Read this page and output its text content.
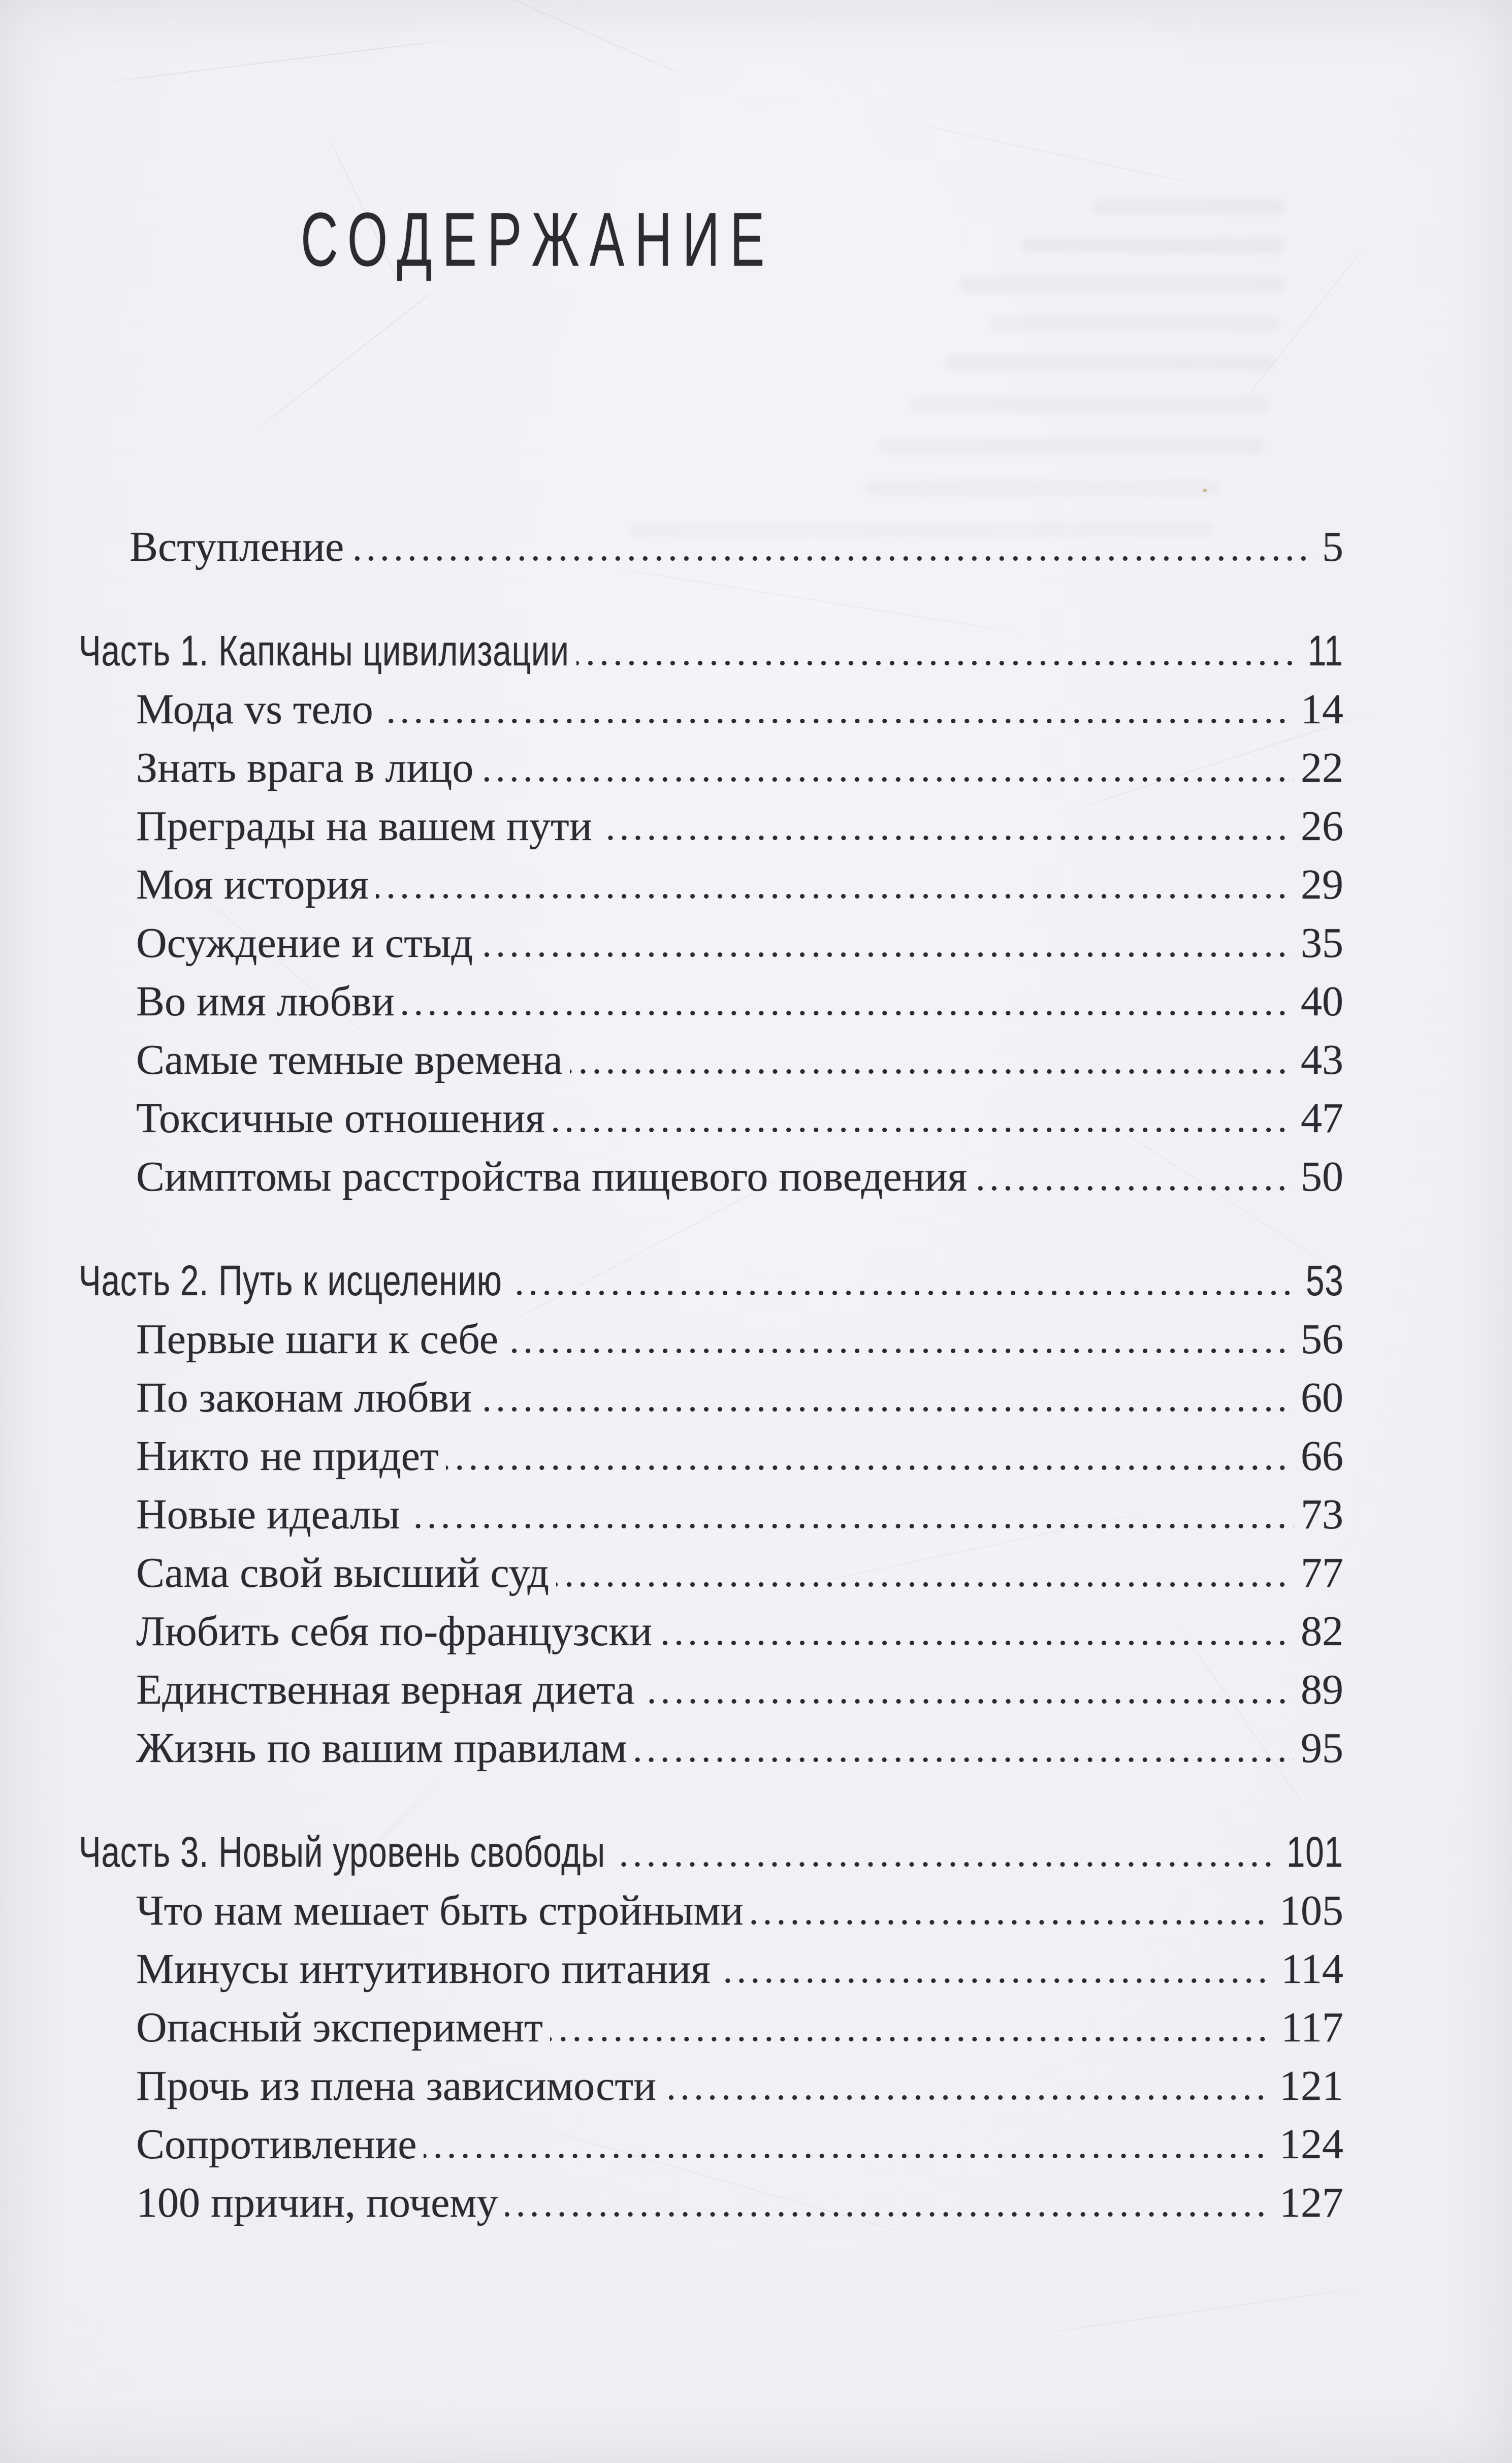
СОДЕРЖАНИЕ
Вступление	5
Часть 1. Капканы цивилизации	11
Мода vs тело	14
Знать врага в лицо	22
Преграды на вашем пути	26
Моя история	29
Осуждение и стыд	35
Во имя любви	40
Самые темные времена	43
Токсичные отношения	47
Симптомы расстройства пищевого поведения	50
Часть 2. Путь к исцелению	53
Первые шаги к себе	56
По законам любви	60
Никто не придет	66
Новые идеалы	73
Сама свой высший суд	77
Любить себя по-французски	82
Единственная верная диета	89
Жизнь по вашим правилам	95
Часть 3. Новый уровень свободы	101
Что нам мешает быть стройными	105
Минусы интуитивного питания	114
Опасный эксперимент	117
Прочь из плена зависимости	121
Сопротивление	124
100 причин, почему	127
